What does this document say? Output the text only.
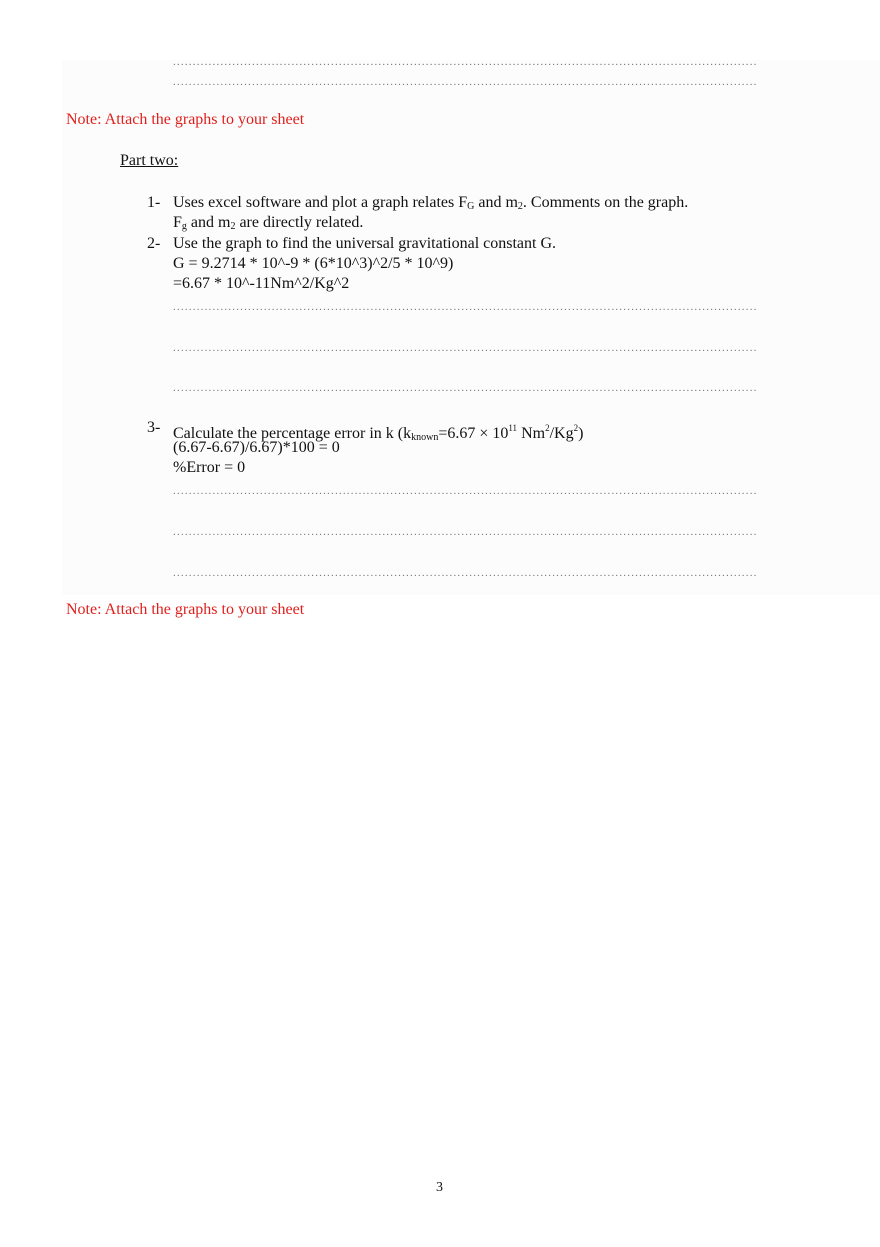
....................................................................................................................................................
....................................................................................................................................................
Note: Attach the graphs to your sheet
Part two:
1- Uses excel software and plot a graph relates $F_G$ and $m_2$. Comments on the graph.
$F_g$ and $m_2$ are directly related.
2- Use the graph to find the universal gravitational constant G.
G = 9.2714 * 10^-9 * (6*10^3)^2/5 * 10^9)
=6.67 * 10^-11Nm^2/Kg^2
....................................................................................................................................................
....................................................................................................................................................
....................................................................................................................................................
3- Calculate the percentage error in k ($k_{known}=6.67 \times 10^{11}$ Nm$^2$/Kg$^2$)
(6.67-6.67)/6.67)*100 = 0
%Error = 0
....................................................................................................................................................
....................................................................................................................................................
....................................................................................................................................................
Note: Attach the graphs to your sheet
3
